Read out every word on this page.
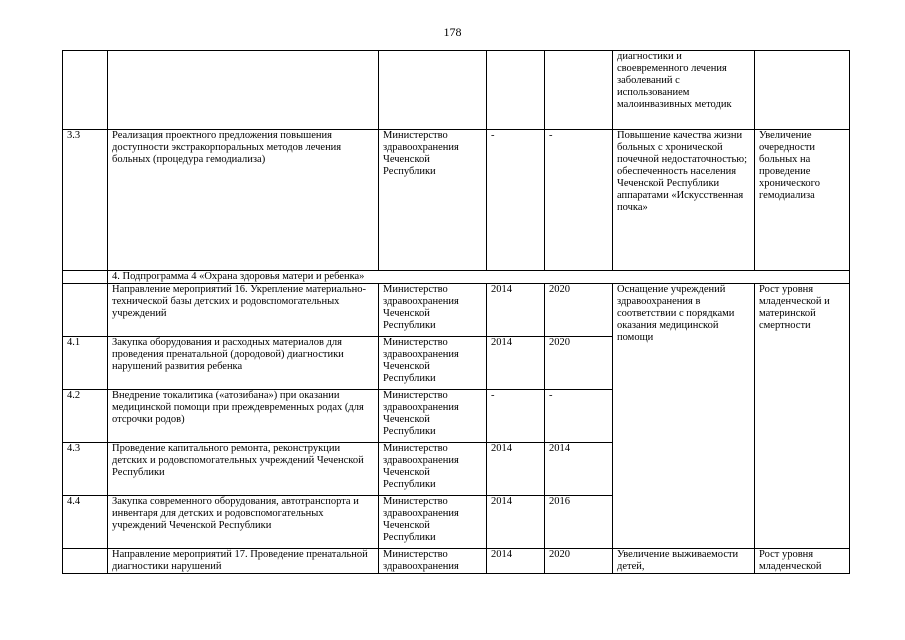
178
					диагностики и своевременного лечения заболеваний с использованием малоинвазивных методик	
3.3	Реализация проектного предложения повышения доступности экстракорпоральных методов лечения больных (процедура гемодиализа)	Министерство здравоохранения Чеченской Республики	-	-	Повышение качества жизни больных с хронической почечной недостаточностью; обеспеченность населения Чеченской Республики аппаратами «Искусственная почка»	Увеличение очередности больных на проведение хронического гемодиализа
	4. Подпрограмма 4 «Охрана здоровья матери и ребенка»					
	Направление мероприятий 16. Укрепление материально-технической базы детских и родовспомогательных учреждений	Министерство здравоохранения Чеченской Республики	2014	2020	Оснащение учреждений здравоохранения в соответствии с порядками оказания медицинской помощи	Рост уровня младенческой и материнской смертности
4.1	Закупка оборудования и расходных материалов для проведения пренатальной (дородовой) диагностики нарушений развития ребенка	Министерство здравоохранения Чеченской Республики	2014	2020		
4.2	Внедрение токалитика («атозибана») при оказании медицинской помощи при преждевременных родах (для отсрочки родов)	Министерство здравоохранения Чеченской Республики	-	-		
4.3	Проведение капитального ремонта, реконструкции детских и родовспомогательных учреждений Чеченской Республики	Министерство здравоохранения Чеченской Республики	2014	2014		
4.4	Закупка современного оборудования, автотранспорта и инвентаря для детских и родовспомогательных учреждений Чеченской Республики	Министерство здравоохранения Чеченской Республики	2014	2016		
	Направление мероприятий 17. Проведение пренатальной диагностики нарушений	Министерство здравоохранения	2014	2020	Увеличение выживаемости детей,	Рост уровня младенческой
